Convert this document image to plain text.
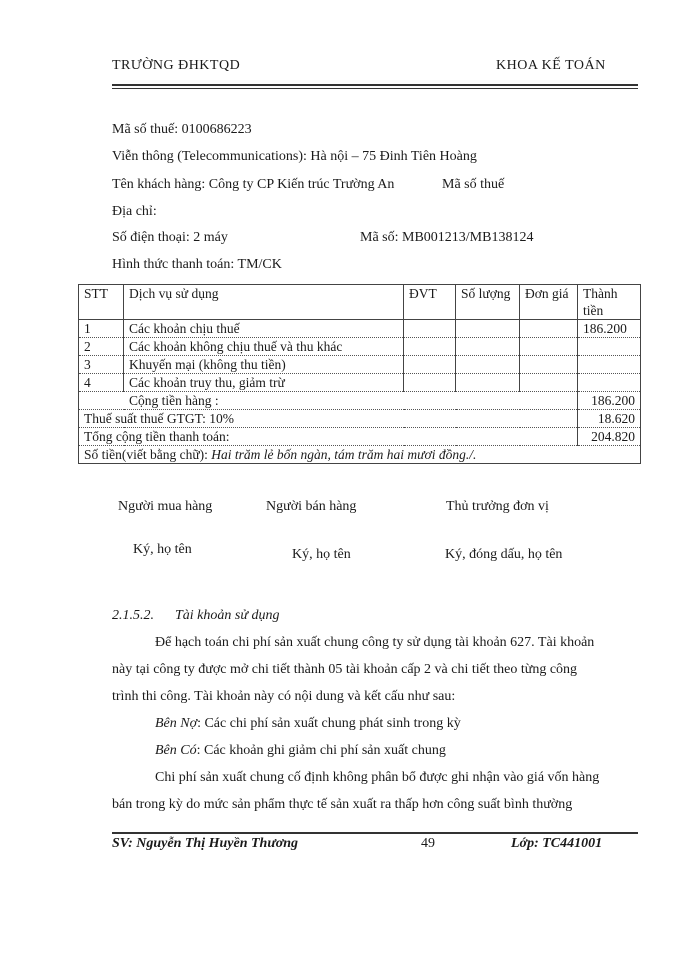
TRƯỜNG ĐHKTQD	KHOA KẾ TOÁN
Mã số thuế: 0100686223
Viễn thông (Telecommunications): Hà nội – 75 Đinh Tiên Hoàng
Tên khách hàng: Công ty CP Kiến trúc Trường An	Mã số thuế
Địa chỉ:
Số điện thoại: 2 máy	Mã số: MB001213/MB138124
Hình thức thanh toán: TM/CK
STT	Dịch vụ sử dụng	ĐVT	Số lượng	Đơn giá	Thành tiền
1	Các khoản chịu thuế				186.200
2	Các khoản không chịu thuế và thu khác				
3	Khuyến mại (không thu tiền)				
4	Các khoản truy thu, giảm trừ				
Cộng tiền hàng :					186.200
Thuế suất thuế GTGT: 10%					18.620
Tổng cộng tiền thanh toán:					204.820
Số tiền(viết bằng chữ): Hai trăm lẻ bốn ngàn, tám trăm hai mươi đồng./.					
Người mua hàng	Người bán hàng	Thủ trưởng đơn vị
Ký, họ tên	Ký, họ tên	Ký, đóng dấu, họ tên
2.1.5.2. Tài khoản sử dụng
Để hạch toán chi phí sản xuất chung công ty sử dụng tài khoản 627. Tài khoản
này tại công ty được mở chi tiết thành 05 tài khoản cấp 2 và chi tiết theo từng công
trình thi công. Tài khoản này có nội dung và kết cấu như sau:
Bên Nợ: Các chi phí sản xuất chung phát sinh trong kỳ
Bên Có: Các khoản ghi giảm chi phí sản xuất chung
Chi phí sản xuất chung cố định không phân bổ được ghi nhận vào giá vốn hàng
bán trong kỳ do mức sản phẩm thực tế sản xuất ra thấp hơn công suất bình thường
SV: Nguyễn Thị Huyền Thương	49	Lớp: TC441001
